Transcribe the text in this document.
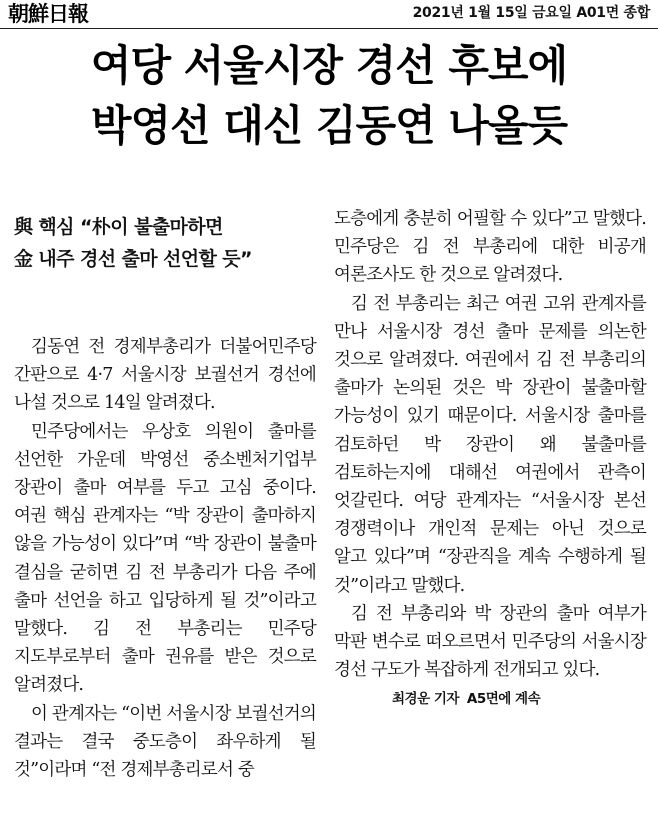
朝鮮日報	2021년 1월 15일 금요일 A01면 종합
여당 서울시장 경선 후보에
박영선 대신 김동연 나올듯
與 핵심 “朴이 불출마하면
金 내주 경선 출마 선언할 듯”

김동연 전 경제부총리가 더불어민주당 간판으로 4·7 서울시장 보궐선거 경선에 나설 것으로 14일 알려졌다.

민주당에서는 우상호 의원이 출마를 선언한 가운데 박영선 중소벤처기업부 장관이 출마 여부를 두고 고심 중이다. 여권 핵심 관계자는 “박 장관이 출마하지 않을 가능성이 있다”며 “박 장관이 불출마 결심을 굳히면 김 전 부총리가 다음 주에 출마 선언을 하고 입당하게 될 것”이라고 말했다. 김 전 부총리는 민주당 지도부로부터 출마 권유를 받은 것으로 알려졌다.

이 관계자는 “이번 서울시장 보궐선거의 결과는 결국 중도층이 좌우하게 될 것”이라며 “전 경제부총리로서 중

도층에게 충분히 어필할 수 있다”고 말했다. 민주당은 김 전 부총리에 대한 비공개 여론조사도 한 것으로 알려졌다.

김 전 부총리는 최근 여권 고위 관계자를 만나 서울시장 경선 출마 문제를 의논한 것으로 알려졌다. 여권에서 김 전 부총리의 출마가 논의된 것은 박 장관이 불출마할 가능성이 있기 때문이다. 서울시장 출마를 검토하던 박 장관이 왜 불출마를 검토하는지에 대해선 여권에서 관측이 엇갈린다. 여당 관계자는 “서울시장 본선 경쟁력이나 개인적 문제는 아닌 것으로 알고 있다”며 “장관직을 계속 수행하게 될 것”이라고 말했다.

김 전 부총리와 박 장관의 출마 여부가 막판 변수로 떠오르면서 민주당의 서울시장 경선 구도가 복잡하게 전개되고 있다.

최경운 기자 A5면에 계속
